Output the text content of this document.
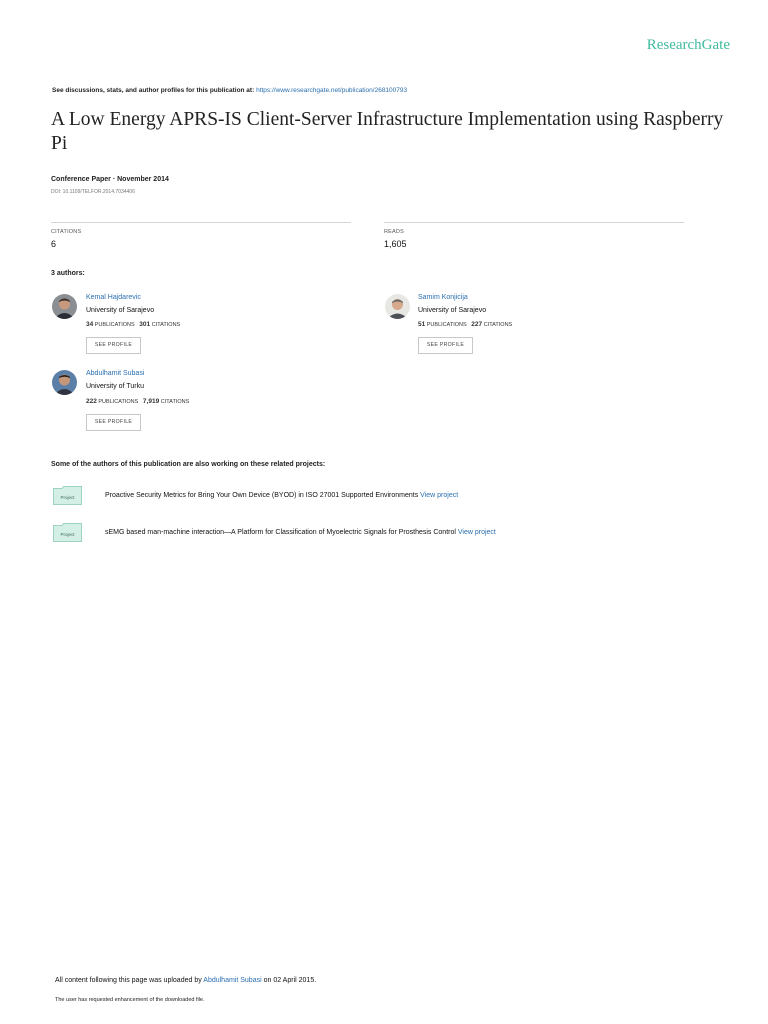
ResearchGate
See discussions, stats, and author profiles for this publication at: https://www.researchgate.net/publication/268100793
A Low Energy APRS-IS Client-Server Infrastructure Implementation using Raspberry Pi
Conference Paper · November 2014
DOI: 10.1109/TELFOR.2014.7034406
CITATIONS
6
READS
1,605
3 authors:
Kemal Hajdarevic
University of Sarajevo
34 PUBLICATIONS 301 CITATIONS
SEE PROFILE
Samim Konjicija
University of Sarajevo
51 PUBLICATIONS 227 CITATIONS
SEE PROFILE
Abdulhamit Subasi
University of Turku
222 PUBLICATIONS 7,919 CITATIONS
SEE PROFILE
Some of the authors of this publication are also working on these related projects:
Project	Proactive Security Metrics for Bring Your Own Device (BYOD) in ISO 27001 Supported Environments View project
Project	sEMG based man-machine interaction—A Platform for Classification of Myoelectric Signals for Prosthesis Control View project
All content following this page was uploaded by Abdulhamit Subasi on 02 April 2015.
The user has requested enhancement of the downloaded file.
